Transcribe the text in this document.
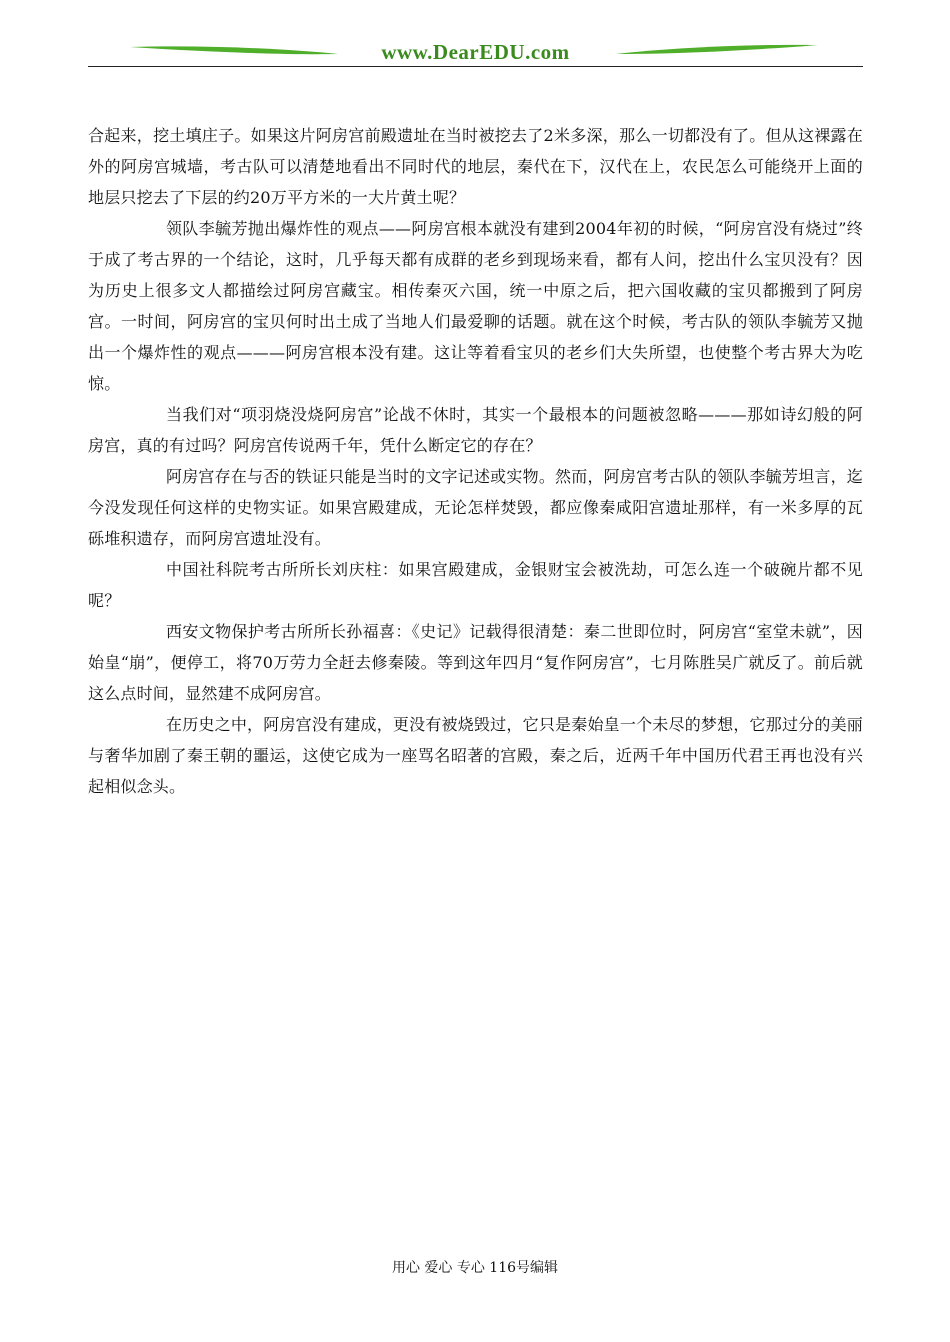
www.DearEDU.com

合起来，挖土填庄子。如果这片阿房宫前殿遗址在当时被挖去了2米多深，那么一切都没有了。但从这裸露在外的阿房宫城墙，考古队可以清楚地看出不同时代的地层，秦代在下，汉代在上，农民怎么可能绕开上面的地层只挖去了下层的约20万平方米的一大片黄土呢？

领队李毓芳抛出爆炸性的观点——阿房宫根本就没有建到2004年初的时候，“阿房宫没有烧过”终于成了考古界的一个结论，这时，几乎每天都有成群的老乡到现场来看，都有人问，挖出什么宝贝没有？因为历史上很多文人都描绘过阿房宫藏宝。相传秦灭六国，统一中原之后，把六国收藏的宝贝都搬到了阿房宫。一时间，阿房宫的宝贝何时出土成了当地人们最爱聊的话题。就在这个时候，考古队的领队李毓芳又抛出一个爆炸性的观点———阿房宫根本没有建。这让等着看宝贝的老乡们大失所望，也使整个考古界大为吃惊。

当我们对“项羽烧没烧阿房宫”论战不休时，其实一个最根本的问题被忽略———那如诗幻般的阿房宫，真的有过吗？阿房宫传说两千年，凭什么断定它的存在？

阿房宫存在与否的铁证只能是当时的文字记述或实物。然而，阿房宫考古队的领队李毓芳坦言，迄今没发现任何这样的史物实证。如果宫殿建成，无论怎样焚毁，都应像秦咸阳宫遗址那样，有一米多厚的瓦砾堆积遗存，而阿房宫遗址没有。

中国社科院考古所所长刘庆柱：如果宫殿建成，金银财宝会被洗劫，可怎么连一个破碗片都不见呢？

西安文物保护考古所所长孙福喜：《史记》记载得很清楚：秦二世即位时，阿房宫“室堂未就”，因始皇“崩”，便停工，将70万劳力全赶去修秦陵。等到这年四月“复作阿房宫”，七月陈胜吴广就反了。前后就这么点时间，显然建不成阿房宫。

在历史之中，阿房宫没有建成，更没有被烧毁过，它只是秦始皇一个未尽的梦想，它那过分的美丽与奢华加剧了秦王朝的噩运，这使它成为一座骂名昭著的宫殿，秦之后，近两千年中国历代君王再也没有兴起相似念头。

用心 爱心 专心 116号编辑
